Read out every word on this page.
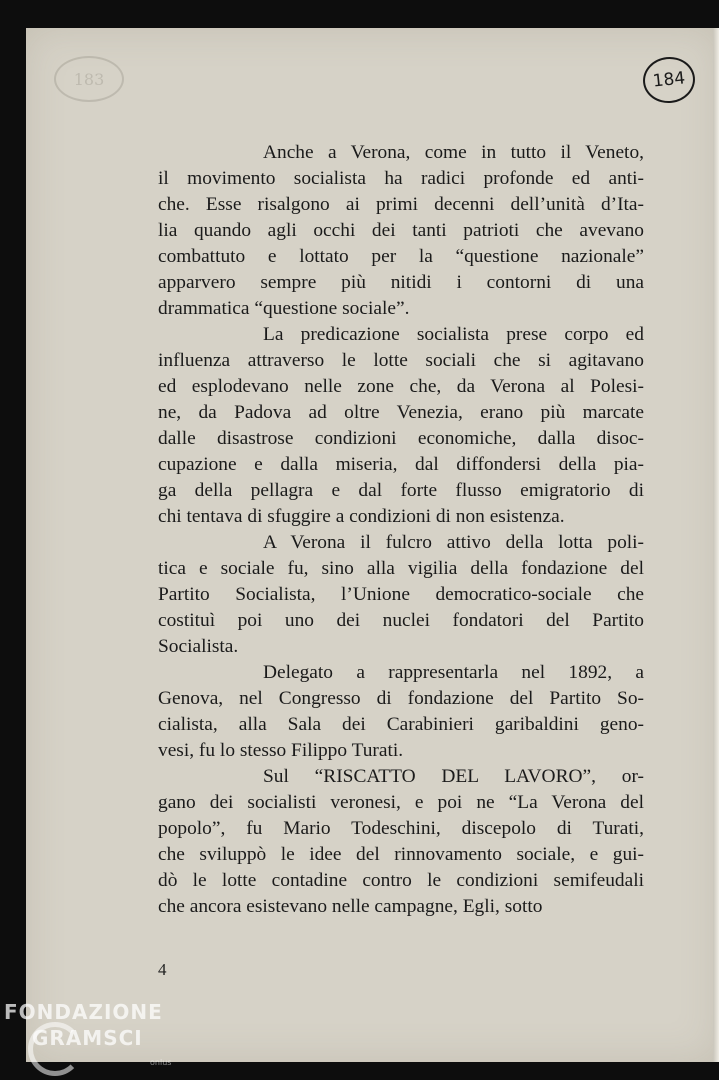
183	184
Anche a Verona, come in tutto il Veneto,
il movimento socialista ha radici profonde ed anti-
che. Esse risalgono ai primi decenni dell’unità d’Ita-
lia quando agli occhi dei tanti patrioti che avevano
combattuto e lottato per la “questione nazionale”
apparvero sempre più nitidi i contorni di una
drammatica “questione sociale”.
La predicazione socialista prese corpo ed
influenza attraverso le lotte sociali che si agitavano
ed esplodevano nelle zone che, da Verona al Polesi-
ne, da Padova ad oltre Venezia, erano più marcate
dalle disastrose condizioni economiche, dalla disoc-
cupazione e dalla miseria, dal diffondersi della pia-
ga della pellagra e dal forte flusso emigratorio di
chi tentava di sfuggire a condizioni di non esistenza.
A Verona il fulcro attivo della lotta poli-
tica e sociale fu, sino alla vigilia della fondazione del
Partito Socialista, l’Unione democratico-sociale che
costituì poi uno dei nuclei fondatori del Partito
Socialista.
Delegato a rappresentarla nel 1892, a
Genova, nel Congresso di fondazione del Partito So-
cialista, alla Sala dei Carabinieri garibaldini geno-
vesi, fu lo stesso Filippo Turati.
Sul “RISCATTO DEL LAVORO”, or-
gano dei socialisti veronesi, e poi ne “La Verona del
popolo”, fu Mario Todeschini, discepolo di Turati,
che sviluppò le idee del rinnovamento sociale, e gui-
dò le lotte contadine contro le condizioni semifeudali
che ancora esistevano nelle campagne, Egli, sotto
4
FONDAZIONE
GRAMSCI
onlus
